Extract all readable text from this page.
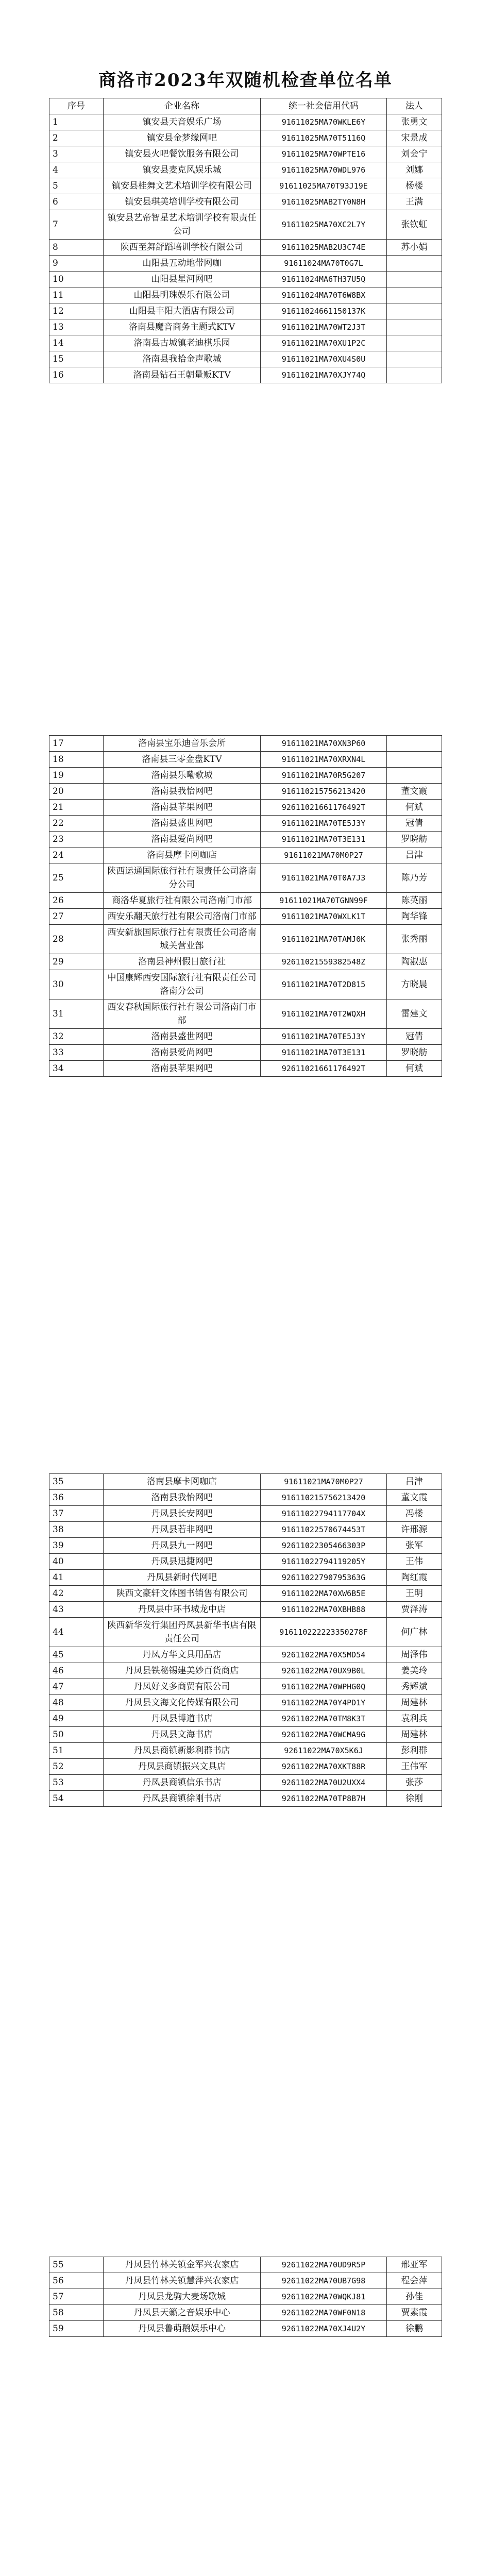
商洛市2023年双随机检查单位名单
序号	企业名称	统一社会信用代码	法人
1	镇安县天音娱乐广场	91611025MA70WKLE6Y	张勇文
2	镇安县金梦缘网吧	91611025MA70T5116Q	宋景成
3	镇安县火吧餐饮服务有限公司	91611025MA70WPTE16	刘会宁
4	镇安县麦克风娱乐城	91611025MA70WDL976	刘娜
5	镇安县桂舞文艺术培训学校有限公司	91611025MA70T93J19E	杨楼
6	镇安县琪美培训学校有限公司	91611025MAB2TY0N8H	王满
7	镇安县艺帝智星艺术培训学校有限责任公司	91611025MA70XC2L7Y	张钦虹
8	陕西至舞舒蹈培训学校有限公司	91611025MAB2U3C74E	苏小娟
9	山阳县五动地带网咖	91611024MA70T0G7L	
10	山阳县星河网吧	91611024MA6TH37U5Q	
11	山阳县明珠娱乐有限公司	91611024MA70T6W8BX	
12	山阳县丰阳大酒店有限公司	91611024661150137K	
13	洛南县魔音商务主题式KTV	91611021MA70WT2J3T	
14	洛南县古城镇老迪棋乐园	91611021MA70XU1P2C	
15	洛南县我拾金声歌城	91611021MA70XU4S0U	
16	洛南县钻石王朝量贩KTV	91611021MA70XJY74Q	
17	洛南县宝乐迪音乐会所	91611021MA70XN3P60	
18	洛南县三零金盘KTV	91611021MA70XRXN4L	
19	洛南县乐嘞歌城	91611021MA70R5G207	
20	洛南县我怡网吧	916110215756213420	董文霞
21	洛南县苹果网吧	92611021661176492T	何斌
22	洛南县盛世网吧	91611021MA70TE5J3Y	冠倩
23	洛南县爱尚网吧	91611021MA70T3E131	罗晓舫
24	洛南县摩卡网咖店	91611021MA70M0P27	吕津
25	陕西运通国际旅行社有限责任公司洛南分公司	91611021MA70T0A7J3	陈乃芳
26	商洛华夏旅行社有限公司洛南门市部	91611021MA70TGNN99F	陈英丽
27	西安乐翻天旅行社有限公司洛南门市部	91611021MA70WXLK1T	陶华锋
28	西安新旅国际旅行社有限责任公司洛南城关营业部	91611021MA70TAMJ0K	张秀丽
29	洛南县神州假日旅行社	92611021559382548Z	陶淑惠
30	中国康辉西安国际旅行社有限责任公司洛南分公司	91611021MA70T2D815	方晓晨
31	西安春秋国际旅行社有限公司洛南门市部	91611021MA70T2WQXH	雷建文
32	洛南县盛世网吧	91611021MA70TE5J3Y	冠倩
33	洛南县爱尚网吧	91611021MA70T3E131	罗晓舫
34	洛南县苹果网吧	92611021661176492T	何斌
35	洛南县摩卡网咖店	91611021MA70M0P27	吕津
36	洛南县我怡网吧	916110215756213420	董文霞
37	丹凤县长安网吧	91611022794117704X	冯楼
38	丹凤县若非网吧	91611022570674453T	许邢源
39	丹凤县九一网吧	92611022305466303P	张军
40	丹凤县迅捷网吧	91611022794119205Y	王伟
41	丹凤县新时代网吧	92611022790795363G	陶红霞
42	陕西文豪轩文体图书销售有限公司	91611022MA70XW6B5E	王明
43	丹凤县中环书城龙中店	91611022MA70XBHB88	贾泽涛
44	陕西新华发行集团丹凤县新华书店有限责任公司	916110222223350278F	何广林
45	丹凤方华文具用品店	92611022MA70X5MD54	周泽伟
46	丹凤县铁秘锡建美妙百货商店	92611022MA70UX9B0L	姜美玲
47	丹凤好义多商贸有限公司	91611022MA70WPHG0Q	秀辉斌
48	丹凤县文海文化传媒有限公司	91611022MA70Y4PD1Y	周建林
49	丹凤县博道书店	92611022MA70TM8K3T	袁利兵
50	丹凤县文海书店	92611022MA70WCMA9G	周建林
51	丹凤县商镇新影利群书店	92611022MA70X5K6J	彭利群
52	丹凤县商镇振兴文具店	92611022MA70XKT88R	王伟军
53	丹凤县商镇信乐书店	92611022MA70U2UXX4	张莎
54	丹凤县商镇徐刚书店	92611022MA70TP8B7H	徐刚
55	丹凤县竹林关镇金军兴农家店	92611022MA70UD9R5P	邢亚军
56	丹凤县竹林关镇慧萍兴农家店	92611022MA70UB7G98	程会萍
57	丹凤县龙驹大麦场歌城	92611022MA70WQKJ81	孙佳
58	丹凤县天籁之音娱乐中心	92611022MA70WF0N18	贾素霞
59	丹凤县鲁萌鹅娱乐中心	92611022MA70XJ4U2Y	徐鹏
